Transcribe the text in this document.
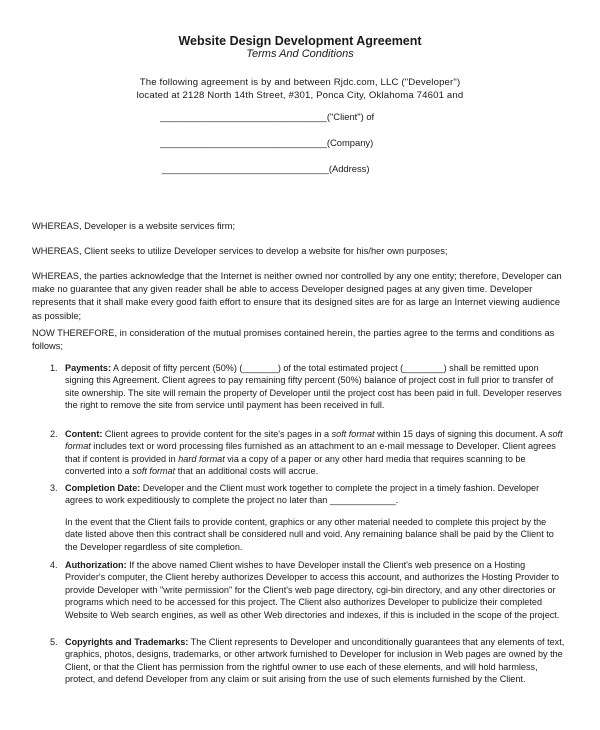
Website Design Development Agreement
Terms And Conditions
The following agreement is by and between Rjdc.com, LLC ("Developer")
located at 2128 North 14th Street, #301, Ponca City, Oklahoma 74601 and
________________________________("Client") of
________________________________(Company)
________________________________(Address)
WHEREAS, Developer is a website services firm;
WHEREAS, Client seeks to utilize Developer services to develop a website for his/her own purposes;
WHEREAS, the parties acknowledge that the Internet is neither owned nor controlled by any one entity; therefore, Developer can make no guarantee that any given reader shall be able to access Developer designed pages at any given time. Developer represents that it shall make every good faith effort to ensure that its designed sites are for as large an Internet viewing audience as possible;
NOW THEREFORE, in consideration of the mutual promises contained herein, the parties agree to the terms and conditions as follows;
1. Payments: A deposit of fifty percent (50%) (_______) of the total estimated project (________) shall be remitted upon signing this Agreement. Client agrees to pay remaining fifty percent (50%) balance of project cost in full prior to transfer of site ownership. The site will remain the property of Developer until the project cost has been paid in full. Developer reserves the right to remove the site from service until payment has been received in full.
2. Content: Client agrees to provide content for the site's pages in a soft format within 15 days of signing this document. A soft format includes text or word processing files furnished as an attachment to an e-mail message to Developer. Client agrees that if content is provided in hard format via a copy of a paper or any other hard media that requires scanning to be converted into a soft format that an additional costs will accrue.
3. Completion Date: Developer and the Client must work together to complete the project in a timely fashion. Developer agrees to work expeditiously to complete the project no later than _____________.
In the event that the Client fails to provide content, graphics or any other material needed to complete this project by the date listed above then this contract shall be considered null and void. Any remaining balance shall be paid by the Client to the Developer regardless of site completion.
4. Authorization: If the above named Client wishes to have Developer install the Client's web presence on a Hosting Provider's computer, the Client hereby authorizes Developer to access this account, and authorizes the Hosting Provider to provide Developer with "write permission" for the Client's web page directory, cgi-bin directory, and any other directories or programs which need to be accessed for this project. The Client also authorizes Developer to publicize their completed Website to Web search engines, as well as other Web directories and indexes, if this is included in the scope of the project.
5. Copyrights and Trademarks: The Client represents to Developer and unconditionally guarantees that any elements of text, graphics, photos, designs, trademarks, or other artwork furnished to Developer for inclusion in Web pages are owned by the Client, or that the Client has permission from the rightful owner to use each of these elements, and will hold harmless, protect, and defend Developer from any claim or suit arising from the use of such elements furnished by the Client.
